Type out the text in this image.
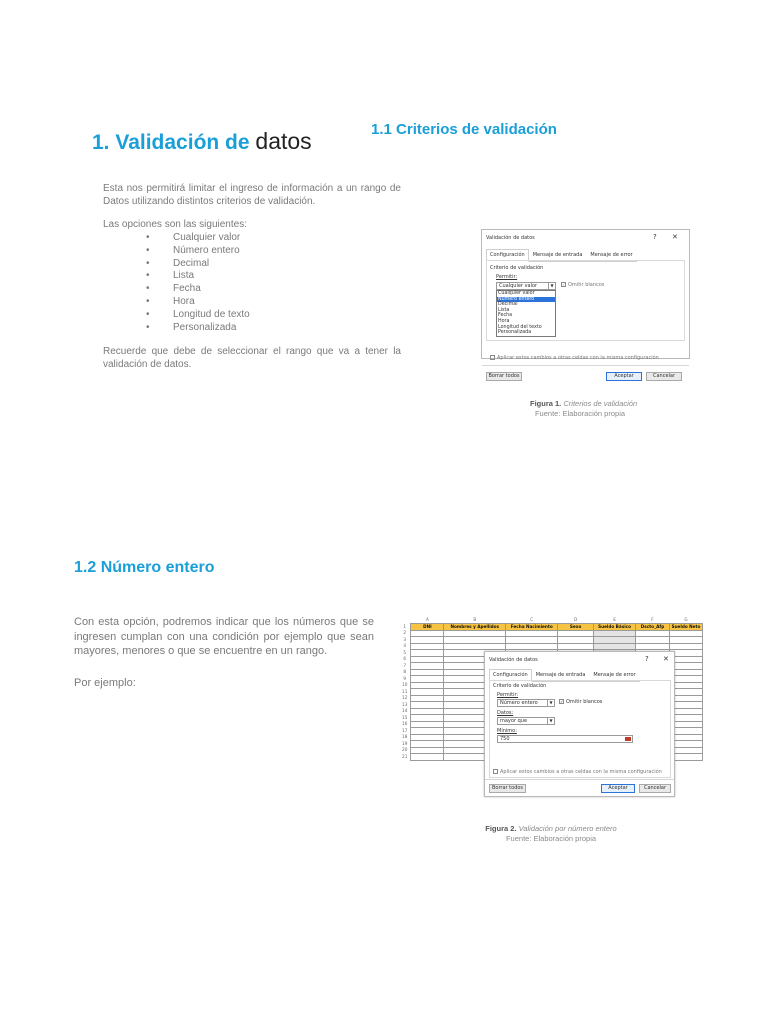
1. Validación de datos	1.1 Criterios de validación

Esta nos permitirá limitar el ingreso de información a un rango de Datos utilizando distintos criterios de validación.

Las opciones son las siguientes:

• Cualquier valor
• Número entero
• Decimal
• Lista
• Fecha
• Hora
• Longitud de texto
• Personalizada

Recuerde que debe de seleccionar el rango que va a tener la validación de datos.

Validación de datos	? ✕
Configuración	Mensaje de entrada	Mensaje de error
Criterio de validación
Permitir:
Cualquier valor	▼	✓ Omitir blancos
Cualquier valor
Número entero
Decimal
Lista
Fecha
Hora
Longitud del texto
Personalizada
Aplicar estos cambios a otras celdas con la misma configuración
Borrar todos	Aceptar	Cancelar
Figura 1. Criterios de validación
Fuente: Elaboración propia
1.2 Número entero

Con esta opción, podremos indicar que los números que se ingresen cumplan con una condición por ejemplo que sean mayores, menores o que se encuentre en un rango.

Por ejemplo:

	A	B	C	D	E	F	G
1	DNI	Nombres y Apellidos	Fecha Nacimiento	Sexo	Sueldo Básico	Dscto_Afp	Sueldo Neto
2							
3							
4							
5							
6							
7							
8							
9							
10							
11							
12							
13							
14							
15							
16							
17							
18							
19							
20							
21							
Validación de datos	? ✕
Configuración	Mensaje de entrada	Mensaje de error
Criterio de validación
Permitir:
Número entero	▼	✓ Omitir blancos
Datos:
mayor que	▼
Mínimo:
750
Aplicar estos cambios a otras celdas con la misma configuración
Borrar todos	Aceptar	Cancelar
Figura 2. Validación por número entero
Fuente: Elaboración propia
